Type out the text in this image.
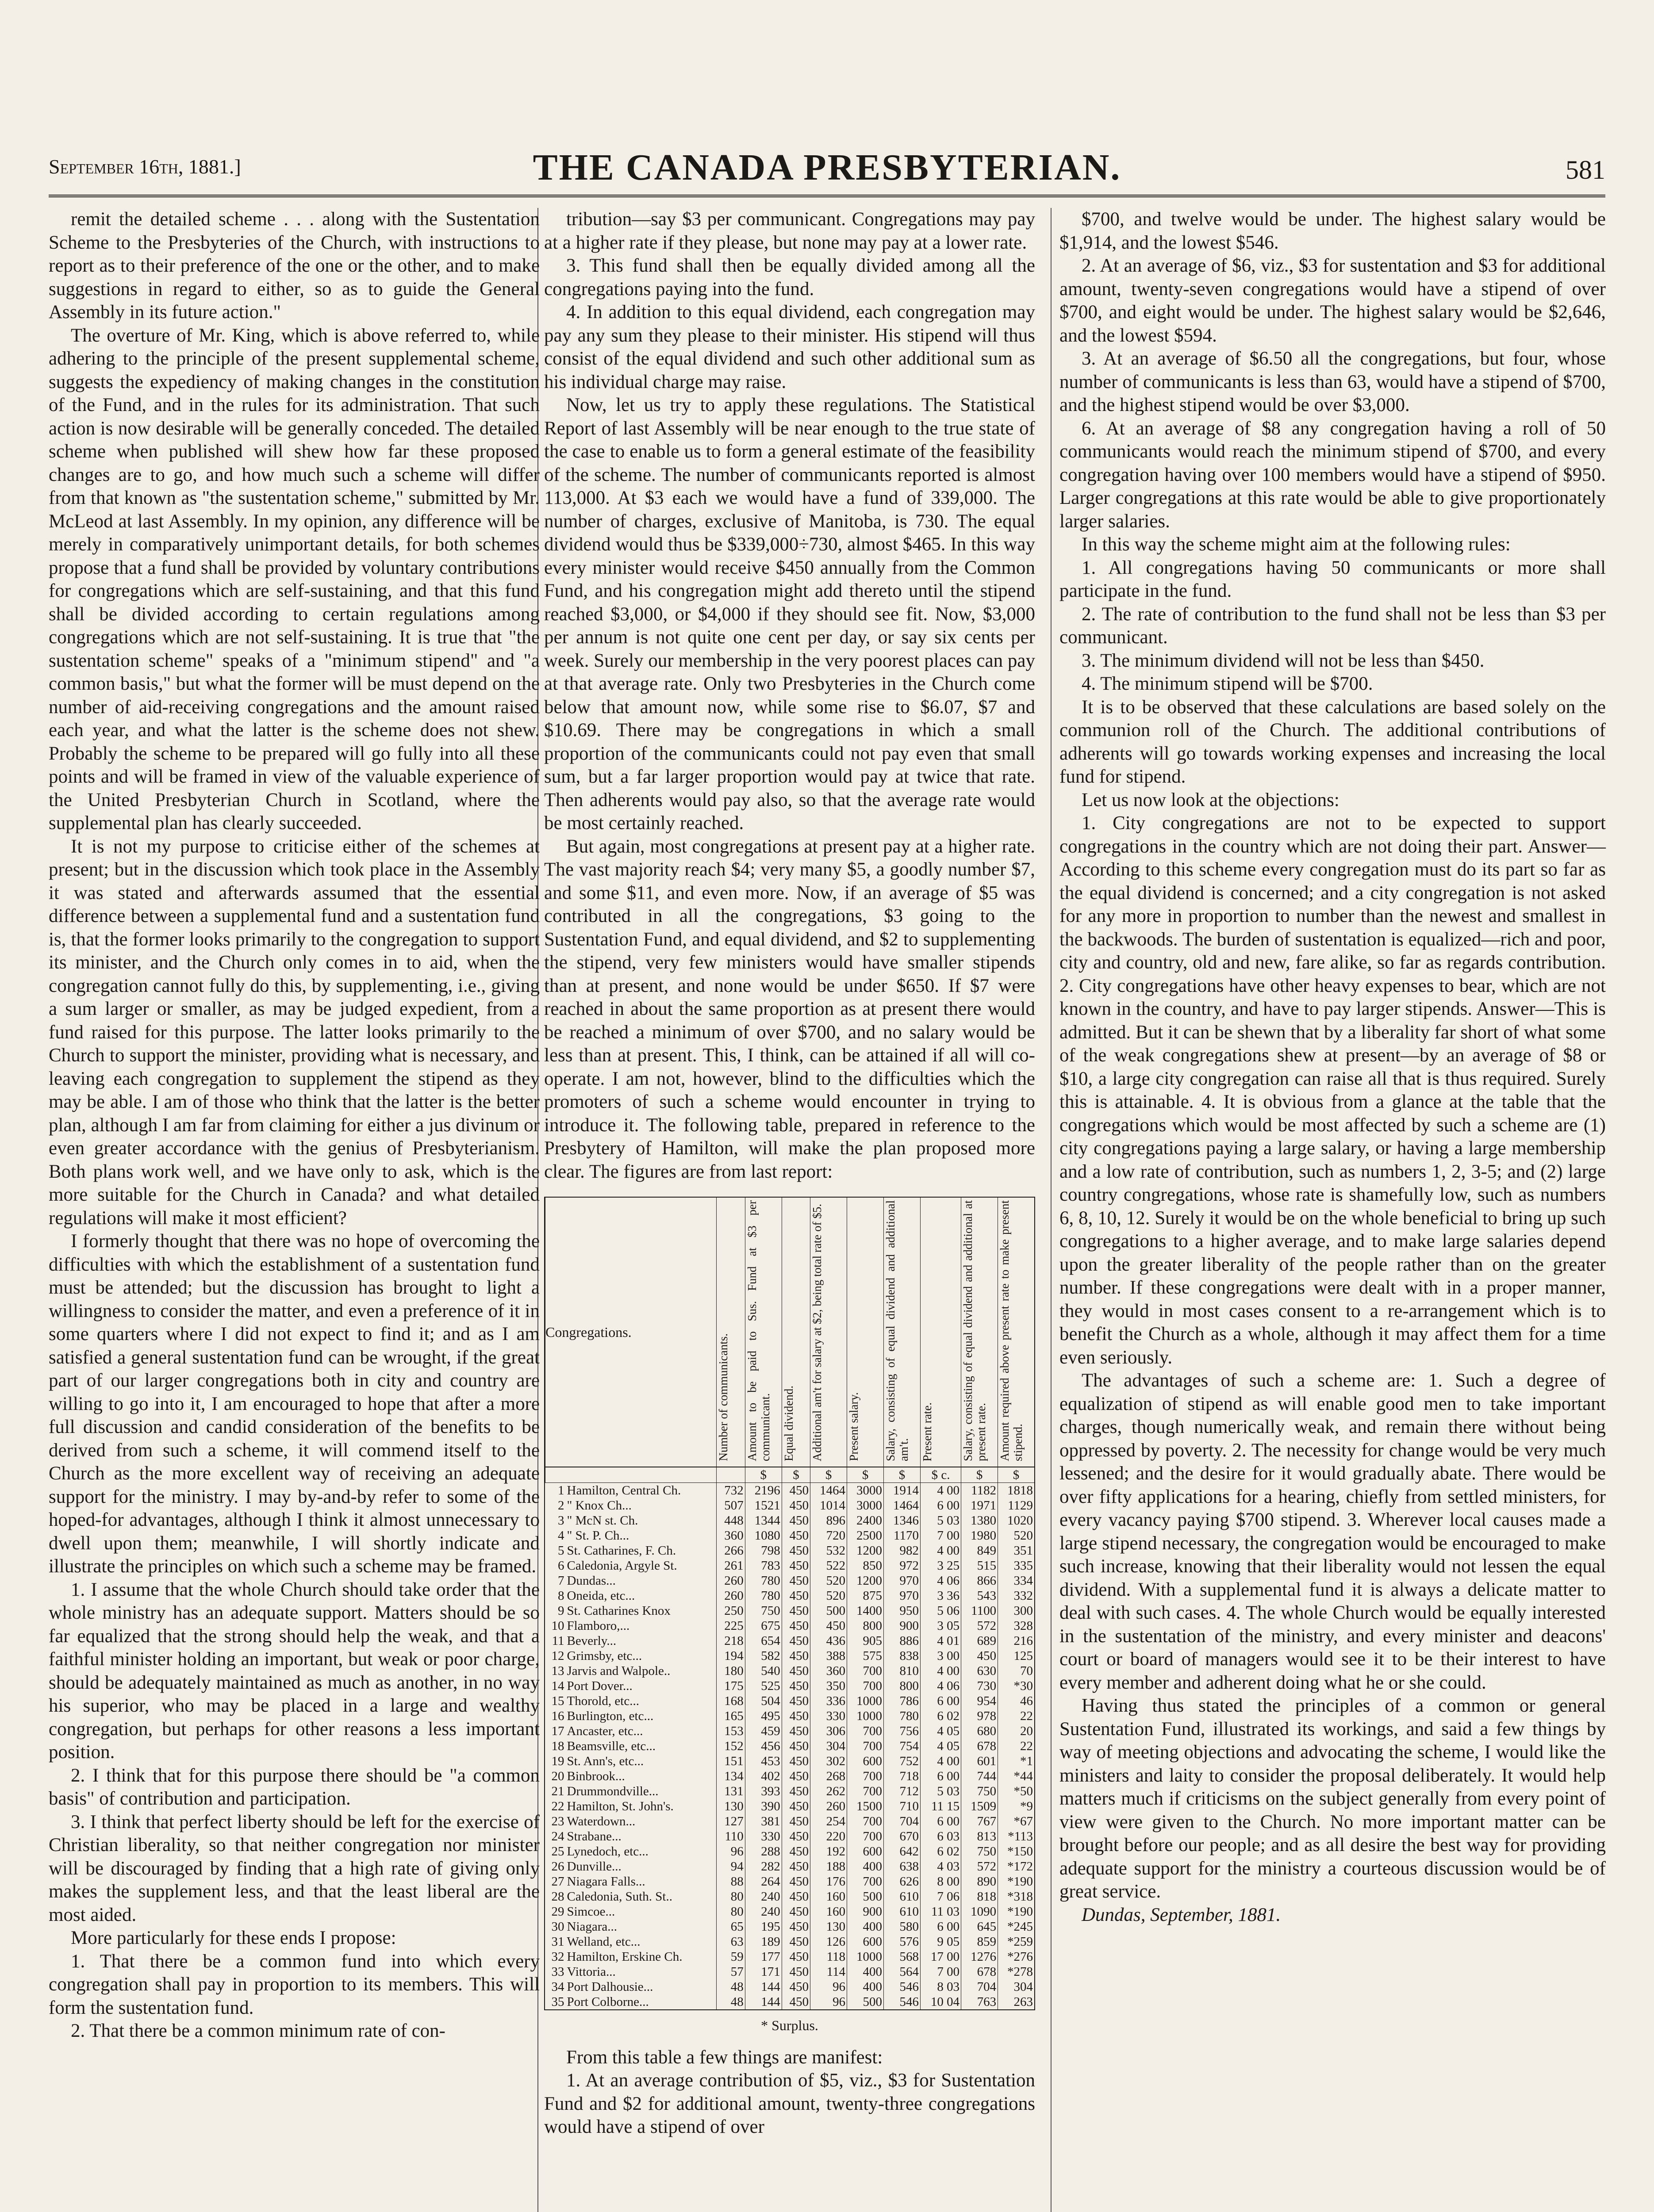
September 16th, 1881.]	THE CANADA PRESBYTERIAN.	581

remit the detailed scheme . . . along with the Sustentation Scheme to the Presbyteries of the Church, with instructions to report as to their preference of the one or the other, and to make suggestions in regard to either, so as to guide the General Assembly in its future action."

The overture of Mr. King, which is above referred to, while adhering to the principle of the present supplemental scheme, suggests the expediency of making changes in the constitution of the Fund, and in the rules for its administration. That such action is now desirable will be generally conceded. The detailed scheme when published will shew how far these proposed changes are to go, and how much such a scheme will differ from that known as "the sustentation scheme," submitted by Mr. McLeod at last Assembly. In my opinion, any difference will be merely in comparatively unimportant details, for both schemes propose that a fund shall be provided by voluntary contributions for congregations which are self-sustaining, and that this fund shall be divided according to certain regulations among congregations which are not self-sustaining. It is true that "the sustentation scheme" speaks of a "minimum stipend" and "a common basis," but what the former will be must depend on the number of aid-receiving congregations and the amount raised each year, and what the latter is the scheme does not shew. Probably the scheme to be prepared will go fully into all these points and will be framed in view of the valuable experience of the United Presbyterian Church in Scotland, where the supplemental plan has clearly succeeded.

It is not my purpose to criticise either of the schemes at present; but in the discussion which took place in the Assembly it was stated and afterwards assumed that the essential difference between a supplemental fund and a sustentation fund is, that the former looks primarily to the congregation to support its minister, and the Church only comes in to aid, when the congregation cannot fully do this, by supplementing, i.e., giving a sum larger or smaller, as may be judged expedient, from a fund raised for this purpose. The latter looks primarily to the Church to support the minister, providing what is necessary, and leaving each congregation to supplement the stipend as they may be able. I am of those who think that the latter is the better plan, although I am far from claiming for either a jus divinum or even greater accordance with the genius of Presbyterianism. Both plans work well, and we have only to ask, which is the more suitable for the Church in Canada? and what detailed regulations will make it most efficient?

I formerly thought that there was no hope of overcoming the difficulties with which the establishment of a sustentation fund must be attended; but the discussion has brought to light a willingness to consider the matter, and even a preference of it in some quarters where I did not expect to find it; and as I am satisfied a general sustentation fund can be wrought, if the great part of our larger congregations both in city and country are willing to go into it, I am encouraged to hope that after a more full discussion and candid consideration of the benefits to be derived from such a scheme, it will commend itself to the Church as the more excellent way of receiving an adequate support for the ministry. I may by-and-by refer to some of the hoped-for advantages, although I think it almost unnecessary to dwell upon them; meanwhile, I will shortly indicate and illustrate the principles on which such a scheme may be framed.

1. I assume that the whole Church should take order that the whole ministry has an adequate support. Matters should be so far equalized that the strong should help the weak, and that a faithful minister holding an important, but weak or poor charge, should be adequately maintained as much as another, in no way his superior, who may be placed in a large and wealthy congregation, but perhaps for other reasons a less important position.

2. I think that for this purpose there should be "a common basis" of contribution and participation.

3. I think that perfect liberty should be left for the exercise of Christian liberality, so that neither congregation nor minister will be discouraged by finding that a high rate of giving only makes the supplement less, and that the least liberal are the most aided.

More particularly for these ends I propose:

1. That there be a common fund into which every congregation shall pay in proportion to its members. This will form the sustentation fund.

2. That there be a common minimum rate of con-

tribution—say $3 per communicant. Congregations may pay at a higher rate if they please, but none may pay at a lower rate.

3. This fund shall then be equally divided among all the congregations paying into the fund.

4. In addition to this equal dividend, each congregation may pay any sum they please to their minister. His stipend will thus consist of the equal dividend and such other additional sum as his individual charge may raise.

Now, let us try to apply these regulations. The Statistical Report of last Assembly will be near enough to the true state of the case to enable us to form a general estimate of the feasibility of the scheme. The number of communicants reported is almost 113,000. At $3 each we would have a fund of 339,000. The number of charges, exclusive of Manitoba, is 730. The equal dividend would thus be $339,000÷730, almost $465. In this way every minister would receive $450 annually from the Common Fund, and his congregation might add thereto until the stipend reached $3,000, or $4,000 if they should see fit. Now, $3,000 per annum is not quite one cent per day, or say six cents per week. Surely our membership in the very poorest places can pay at that average rate. Only two Presbyteries in the Church come below that amount now, while some rise to $6.07, $7 and $10.69. There may be congregations in which a small proportion of the communicants could not pay even that small sum, but a far larger proportion would pay at twice that rate. Then adherents would pay also, so that the average rate would be most certainly reached.

But again, most congregations at present pay at a higher rate. The vast majority reach $4; very many $5, a goodly number $7, and some $11, and even more. Now, if an average of $5 was contributed in all the congregations, $3 going to the Sustentation Fund, and equal dividend, and $2 to supplementing the stipend, very few ministers would have smaller stipends than at present, and none would be under $650. If $7 were reached in about the same proportion as at present there would be reached a minimum of over $700, and no salary would be less than at present. This, I think, can be attained if all will co-operate. I am not, however, blind to the difficulties which the promoters of such a scheme would encounter in trying to introduce it. The following table, prepared in reference to the Presbytery of Hamilton, will make the plan proposed more clear. The figures are from last report:

Congregations.		Number of communicants.	Amount to be paid to Sus. Fund at $3 per communicant.	Equal dividend.	Additional am't for salary at $2, being total rate of $5.	Present salary.	Salary, consisting of equal dividend and additional am't.	Present rate.	Salary, consisting of equal dividend and additional at present rate.	Amount required above present rate to make present stipend.
			$	$	$	$	$	$ c.	$	$
1	Hamilton, Central Ch.	732	2196	450	1464	3000	1914	4 00	1182	1818
2	" Knox Ch...	507	1521	450	1014	3000	1464	6 00	1971	1129
3	" McN st. Ch.	448	1344	450	896	2400	1346	5 03	1380	1020
4	" St. P. Ch...	360	1080	450	720	2500	1170	7 00	1980	520
5	St. Catharines, F. Ch.	266	798	450	532	1200	982	4 00	849	351
6	Caledonia, Argyle St.	261	783	450	522	850	972	3 25	515	335
7	Dundas...	260	780	450	520	1200	970	4 06	866	334
8	Oneida, etc...	260	780	450	520	875	970	3 36	543	332
9	St. Catharines Knox	250	750	450	500	1400	950	5 06	1100	300
10	Flamboro,...	225	675	450	450	800	900	3 05	572	328
11	Beverly...	218	654	450	436	905	886	4 01	689	216
12	Grimsby, etc...	194	582	450	388	575	838	3 00	450	125
13	Jarvis and Walpole..	180	540	450	360	700	810	4 00	630	70
14	Port Dover...	175	525	450	350	700	800	4 06	730	*30
15	Thorold, etc...	168	504	450	336	1000	786	6 00	954	46
16	Burlington, etc...	165	495	450	330	1000	780	6 02	978	22
17	Ancaster, etc...	153	459	450	306	700	756	4 05	680	20
18	Beamsville, etc...	152	456	450	304	700	754	4 05	678	22
19	St. Ann's, etc...	151	453	450	302	600	752	4 00	601	*1
20	Binbrook...	134	402	450	268	700	718	6 00	744	*44
21	Drummondville...	131	393	450	262	700	712	5 03	750	*50
22	Hamilton, St. John's.	130	390	450	260	1500	710	11 15	1509	*9
23	Waterdown...	127	381	450	254	700	704	6 00	767	*67
24	Strabane...	110	330	450	220	700	670	6 03	813	*113
25	Lynedoch, etc...	96	288	450	192	600	642	6 02	750	*150
26	Dunville...	94	282	450	188	400	638	4 03	572	*172
27	Niagara Falls...	88	264	450	176	700	626	8 00	890	*190
28	Caledonia, Suth. St..	80	240	450	160	500	610	7 06	818	*318
29	Simcoe...	80	240	450	160	900	610	11 03	1090	*190
30	Niagara...	65	195	450	130	400	580	6 00	645	*245
31	Welland, etc...	63	189	450	126	600	576	9 05	859	*259
32	Hamilton, Erskine Ch.	59	177	450	118	1000	568	17 00	1276	*276
33	Vittoria...	57	171	450	114	400	564	7 00	678	*278
34	Port Dalhousie...	48	144	450	96	400	546	8 03	704	304
35	Port Colborne...	48	144	450	96	500	546	10 04	763	263
* Surplus.

From this table a few things are manifest:

1. At an average contribution of $5, viz., $3 for Sustentation Fund and $2 for additional amount, twenty-three congregations would have a stipend of over

$700, and twelve would be under. The highest salary would be $1,914, and the lowest $546.

2. At an average of $6, viz., $3 for sustentation and $3 for additional amount, twenty-seven congregations would have a stipend of over $700, and eight would be under. The highest salary would be $2,646, and the lowest $594.

3. At an average of $6.50 all the congregations, but four, whose number of communicants is less than 63, would have a stipend of $700, and the highest stipend would be over $3,000.

6. At an average of $8 any congregation having a roll of 50 communicants would reach the minimum stipend of $700, and every congregation having over 100 members would have a stipend of $950. Larger congregations at this rate would be able to give proportionately larger salaries.

In this way the scheme might aim at the following rules:

1. All congregations having 50 communicants or more shall participate in the fund.

2. The rate of contribution to the fund shall not be less than $3 per communicant.

3. The minimum dividend will not be less than $450.

4. The minimum stipend will be $700.

It is to be observed that these calculations are based solely on the communion roll of the Church. The additional contributions of adherents will go towards working expenses and increasing the local fund for stipend.

Let us now look at the objections:

1. City congregations are not to be expected to support congregations in the country which are not doing their part. Answer—According to this scheme every congregation must do its part so far as the equal dividend is concerned; and a city congregation is not asked for any more in proportion to number than the newest and smallest in the backwoods. The burden of sustentation is equalized—rich and poor, city and country, old and new, fare alike, so far as regards contribution. 2. City congregations have other heavy expenses to bear, which are not known in the country, and have to pay larger stipends. Answer—This is admitted. But it can be shewn that by a liberality far short of what some of the weak congregations shew at present—by an average of $8 or $10, a large city congregation can raise all that is thus required. Surely this is attainable. 4. It is obvious from a glance at the table that the congregations which would be most affected by such a scheme are (1) city congregations paying a large salary, or having a large membership and a low rate of contribution, such as numbers 1, 2, 3-5; and (2) large country congregations, whose rate is shamefully low, such as numbers 6, 8, 10, 12. Surely it would be on the whole beneficial to bring up such congregations to a higher average, and to make large salaries depend upon the greater liberality of the people rather than on the greater number. If these congregations were dealt with in a proper manner, they would in most cases consent to a re-arrangement which is to benefit the Church as a whole, although it may affect them for a time even seriously.

The advantages of such a scheme are: 1. Such a degree of equalization of stipend as will enable good men to take important charges, though numerically weak, and remain there without being oppressed by poverty. 2. The necessity for change would be very much lessened; and the desire for it would gradually abate. There would be over fifty applications for a hearing, chiefly from settled ministers, for every vacancy paying $700 stipend. 3. Wherever local causes made a large stipend necessary, the congregation would be encouraged to make such increase, knowing that their liberality would not lessen the equal dividend. With a supplemental fund it is always a delicate matter to deal with such cases. 4. The whole Church would be equally interested in the sustentation of the ministry, and every minister and deacons' court or board of managers would see it to be their interest to have every member and adherent doing what he or she could.

Having thus stated the principles of a common or general Sustentation Fund, illustrated its workings, and said a few things by way of meeting objections and advocating the scheme, I would like the ministers and laity to consider the proposal deliberately. It would help matters much if criticisms on the subject generally from every point of view were given to the Church. No more important matter can be brought before our people; and as all desire the best way for providing adequate support for the ministry a courteous discussion would be of great service.

Dundas, September, 1881.
